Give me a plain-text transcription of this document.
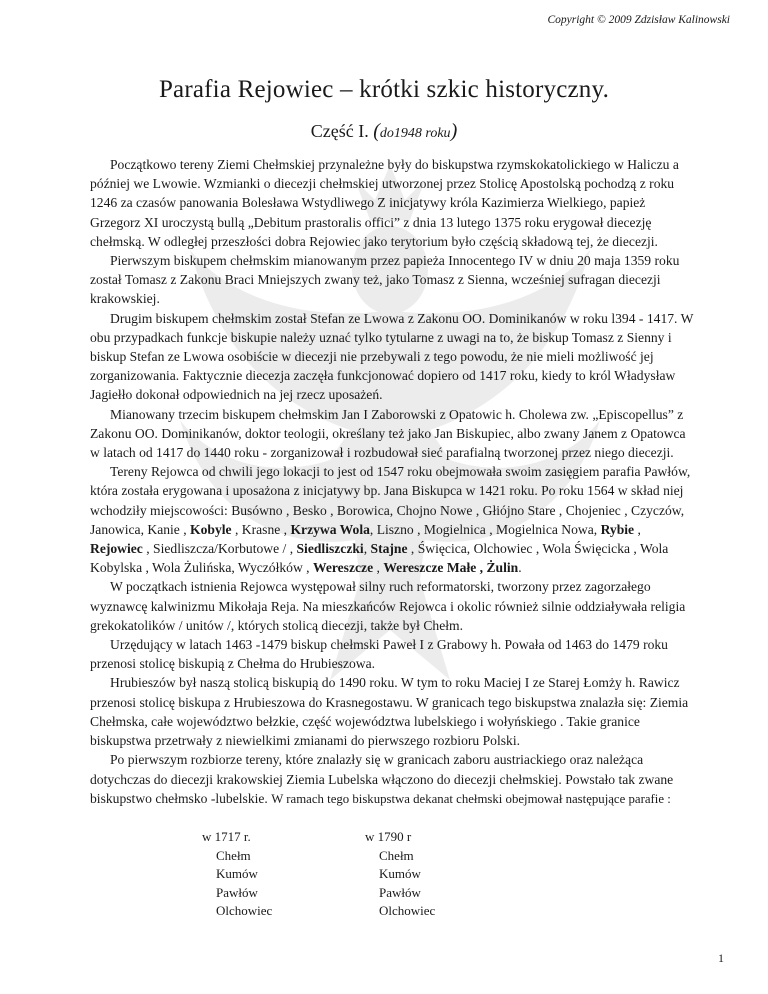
Copyright © 2009 Zdzisław Kalinowski
Parafia Rejowiec – krótki szkic historyczny.
Część I. (do1948 roku)

Początkowo tereny Ziemi Chełmskiej przynależne były do biskupstwa rzymskokatolickiego w Haliczu a później we Lwowie. Wzmianki o diecezji chełmskiej utworzonej przez Stolicę Apostolską pochodzą z roku 1246 za czasów panowania Bolesława Wstydliwego Z inicjatywy króla Kazimierza Wielkiego, papież Grzegorz XI uroczystą bullą „Debitum prastoralis offici” z dnia 13 lutego 1375 roku erygował diecezję chełmską. W odległej przeszłości dobra Rejowiec jako terytorium było częścią składową tej, że diecezji.

Pierwszym biskupem chełmskim mianowanym przez papieża Innocentego IV w dniu 20 maja 1359 roku został Tomasz z Zakonu Braci Mniejszych zwany też, jako Tomasz z Sienna, wcześniej sufragan diecezji krakowskiej.

Drugim biskupem chełmskim został Stefan ze Lwowa z Zakonu OO. Dominikanów w roku l394 - 1417. W obu przypadkach funkcje biskupie należy uznać tylko tytularne z uwagi na to, że biskup Tomasz z Sienny i biskup Stefan ze Lwowa osobiście w diecezji nie przebywali z tego powodu, że nie mieli możliwość jej zorganizowania. Faktycznie diecezja zaczęła funkcjonować dopiero od 1417 roku, kiedy to król Władysław Jagiełło dokonał odpowiednich na jej rzecz uposażeń.

Mianowany trzecim biskupem chełmskim Jan I Zaborowski z Opatowic h. Cholewa zw. „Episcopellus” z Zakonu OO. Dominikanów, doktor teologii, określany też jako Jan Biskupiec, albo zwany Janem z Opatowca w latach od 1417 do 1440 roku - zorganizował i rozbudował sieć parafialną tworzonej przez niego diecezji.

Tereny Rejowca od chwili jego lokacji to jest od 1547 roku obejmowała swoim zasięgiem parafia Pawłów, która została erygowana i uposażona z inicjatywy bp. Jana Biskupca w 1421 roku. Po roku 1564 w skład niej wchodziły miejscowości: Busówno , Besko , Borowica, Chojno Nowe , Głiójno Stare , Chojeniec , Czyczów, Janowica, Kanie , Kobyle , Krasne , Krzywa Wola, Liszno , Mogielnica , Mogielnica Nowa, Rybie , Rejowiec , Siedliszcza/Korbutowe / , Siedliszczki, Stajne , Święcica, Olchowiec , Wola Święcicka , Wola Kobylska , Wola Żulińska, Wyczółków , Wereszcze , Wereszcze Małe , Żulin.

W początkach istnienia Rejowca występował silny ruch reformatorski, tworzony przez zagorzałego wyznawcę kalwinizmu Mikołaja Reja. Na mieszkańców Rejowca i okolic również silnie oddziaływała religia grekokatolików / unitów /, których stolicą diecezji, także był Chełm.

Urzędujący w latach 1463 -1479 biskup chełmski Paweł I z Grabowy h. Powała od 1463 do 1479 roku przenosi stolicę biskupią z Chełma do Hrubieszowa.

Hrubieszów był naszą stolicą biskupią do 1490 roku. W tym to roku Maciej I ze Starej Łomży h. Rawicz przenosi stolicę biskupa z Hrubieszowa do Krasnegostawu. W granicach tego biskupstwa znalazła się: Ziemia Chełmska, całe województwo bełzkie, część województwa lubelskiego i wołyńskiego . Takie granice biskupstwa przetrwały z niewielkimi zmianami do pierwszego rozbioru Polski.

Po pierwszym rozbiorze tereny, które znalazły się w granicach zaboru austriackiego oraz należąca dotychczas do diecezji krakowskiej Ziemia Lubelska włączono do diecezji chełmskiej. Powstało tak zwane biskupstwo chełmsko -lubelskie. W ramach tego biskupstwa dekanat chełmski obejmował następujące parafie :

w 1717 r.
Chełm
Kumów
Pawłów
Olchowiec
w 1790 r
Chełm
Kumów
Pawłów
Olchowiec
1
